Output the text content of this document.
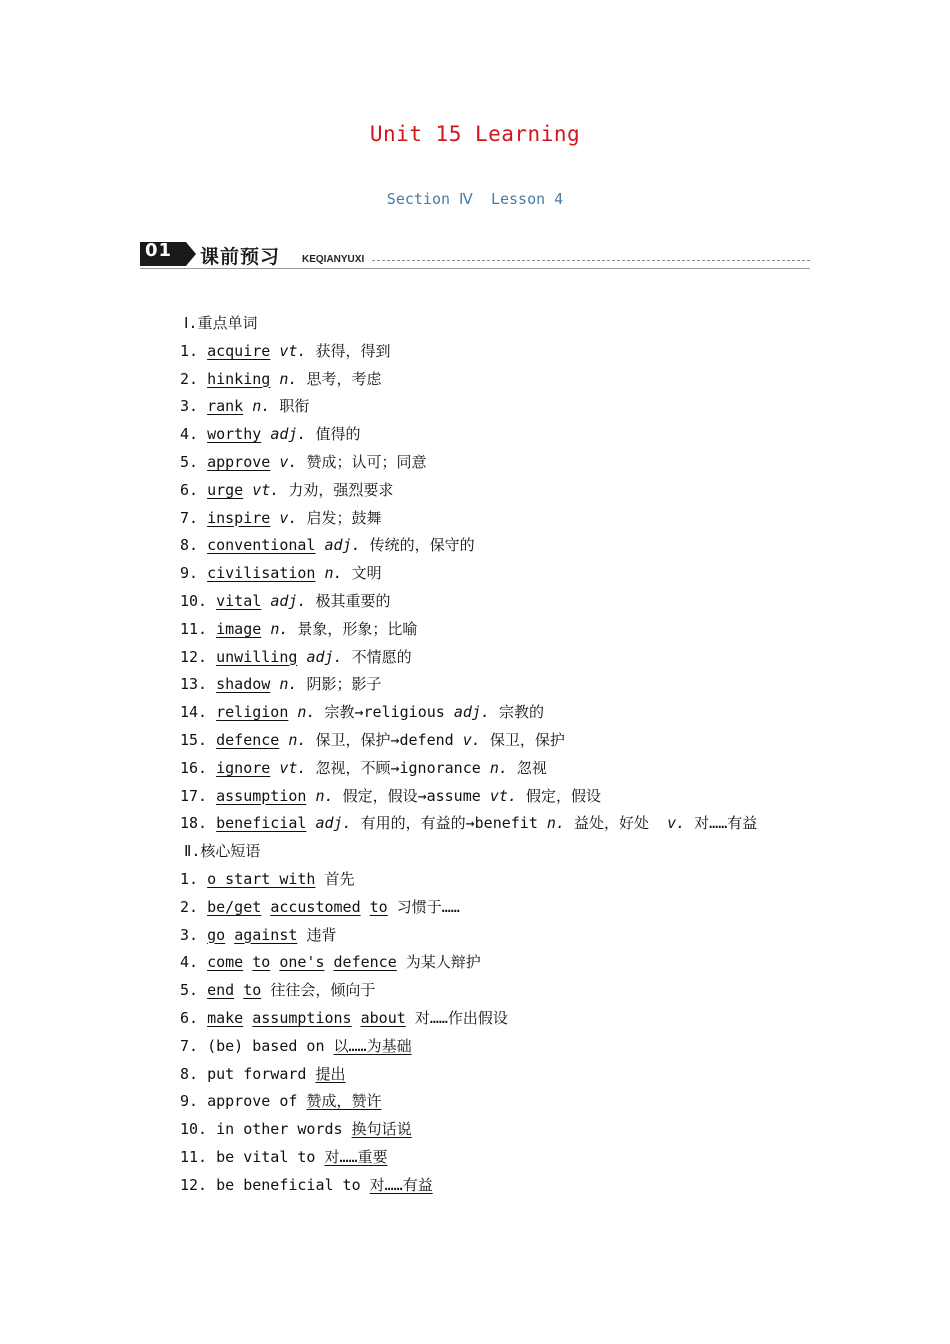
Unit 15 Learning
Section Ⅳ  Lesson 4
01 课前预习 KEQIANYUXI
Ⅰ.重点单词
1. acquire vt. 获得，得到
2. hinking n. 思考，考虑
3. rank n. 职衔
4. worthy adj. 值得的
5. approve v. 赞成；认可；同意
6. urge vt. 力劝，强烈要求
7. inspire v. 启发；鼓舞
8. conventional adj. 传统的，保守的
9. civilisation n. 文明
10. vital adj. 极其重要的
11. image n. 景象，形象；比喻
12. unwilling adj. 不情愿的
13. shadow n. 阴影；影子
14. religion n. 宗教→religious adj. 宗教的
15. defence n. 保卫，保护→defend v. 保卫，保护
16. ignore vt. 忽视，不顾→ignorance n. 忽视
17. assumption n. 假定，假设→assume vt. 假定，假设
18. beneficial adj. 有用的，有益的→benefit n. 益处，好处 v. 对……有益
Ⅱ.核心短语
1. o start with 首先
2. be/get accustomed to 习惯于……
3. go against 违背
4. come to one's defence 为某人辩护
5. end to 往往会，倾向于
6. make assumptions about 对……作出假设
7. (be) based on 以……为基础
8. put forward 提出
9. approve of 赞成，赞许
10. in other words 换句话说
11. be vital to 对……重要
12. be beneficial to 对……有益
